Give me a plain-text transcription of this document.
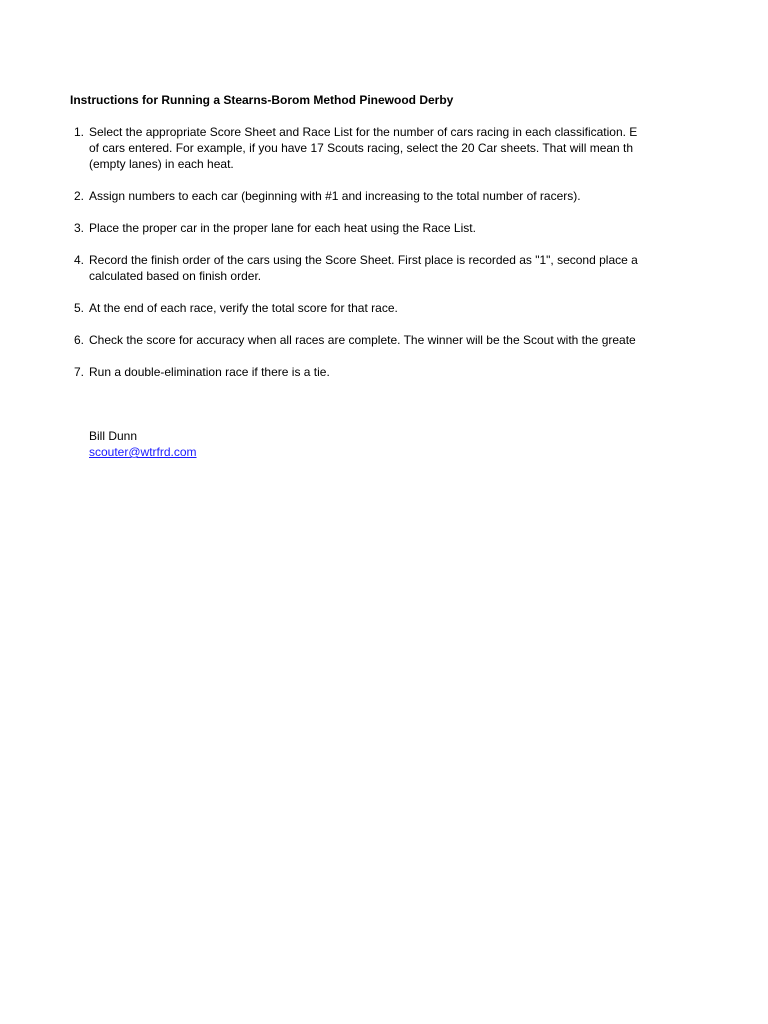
Instructions for Running a Stearns-Borom Method Pinewood Derby
1. Select the appropriate Score Sheet and Race List for the number of cars racing in each classification. E
of cars entered. For example, if you have 17 Scouts racing, select the 20 Car sheets. That will mean th
(empty lanes) in each heat.
2. Assign numbers to each car (beginning with #1 and increasing to the total number of racers).
3. Place the proper car in the proper lane for each heat using the Race List.
4. Record the finish order of the cars using the Score Sheet. First place is recorded as "1", second place a
calculated based on finish order.
5. At the end of each race, verify the total score for that race.
6. Check the score for accuracy when all races are complete. The winner will be the Scout with the greate
7. Run a double-elimination race if there is a tie.
Bill Dunn
scouter@wtrfrd.com
